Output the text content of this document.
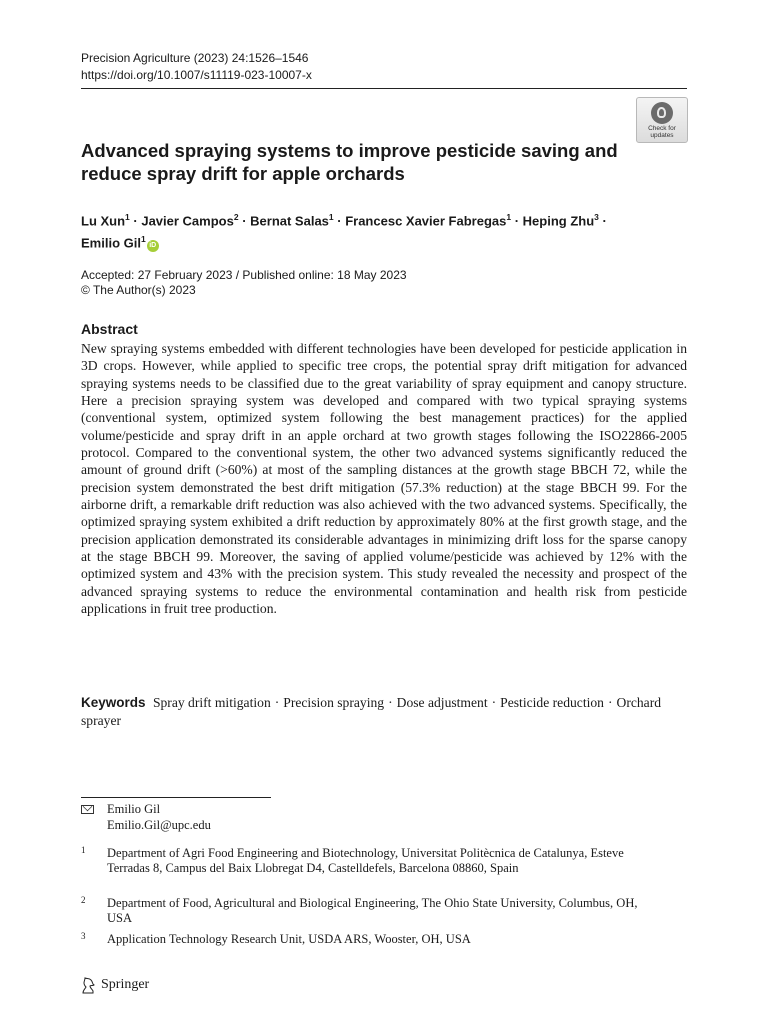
Precision Agriculture (2023) 24:1526–1546
https://doi.org/10.1007/s11119-023-10007-x
Check for
updates
Advanced spraying systems to improve pesticide saving and reduce spray drift for apple orchards
Lu Xun$^1$ · Javier Campos$^2$ · Bernat Salas$^1$ · Francesc Xavier Fabregas$^1$ · Heping Zhu$^3$ ·
Emilio Gil$^1$iD
Accepted: 27 February 2023 / Published online: 18 May 2023
© The Author(s) 2023
Abstract

New spraying systems embedded with different technologies have been developed for pesticide application in 3D crops. However, while applied to specific tree crops, the potential spray drift mitigation for advanced spraying systems needs to be classified due to the great variability of spray equipment and canopy structure. Here a precision spraying system was developed and compared with two typical spraying systems (conventional system, optimized system following the best management practices) for the applied volume/pesticide and spray drift in an apple orchard at two growth stages following the ISO22866-2005 protocol. Compared to the conventional system, the other two advanced systems significantly reduced the amount of ground drift (>60%) at most of the sampling distances at the growth stage BBCH 72, while the precision system demonstrated the best drift mitigation (57.3% reduction) at the stage BBCH 99. For the airborne drift, a remarkable drift reduction was also achieved with the two advanced systems. Specifically, the optimized spraying system exhibited a drift reduction by approximately 80% at the first growth stage, and the precision application demonstrated its considerable advantages in minimizing drift loss for the sparse canopy at the stage BBCH 99. Moreover, the saving of applied volume/pesticide was achieved by 12% with the optimized system and 43% with the precision system. This study revealed the necessity and prospect of the advanced spraying systems to reduce the environmental contamination and health risk from pesticide applications in fruit tree production.

Keywords Spray drift mitigation · Precision spraying · Dose adjustment · Pesticide reduction · Orchard sprayer
Emilio Gil
Emilio.Gil@upc.edu
1 Department of Agri Food Engineering and Biotechnology, Universitat Politècnica de Catalunya, Esteve Terradas 8, Campus del Baix Llobregat D4, Castelldefels, Barcelona 08860, Spain
2 Department of Food, Agricultural and Biological Engineering, The Ohio State University, Columbus, OH, USA
3 Application Technology Research Unit, USDA ARS, Wooster, OH, USA
Springer
